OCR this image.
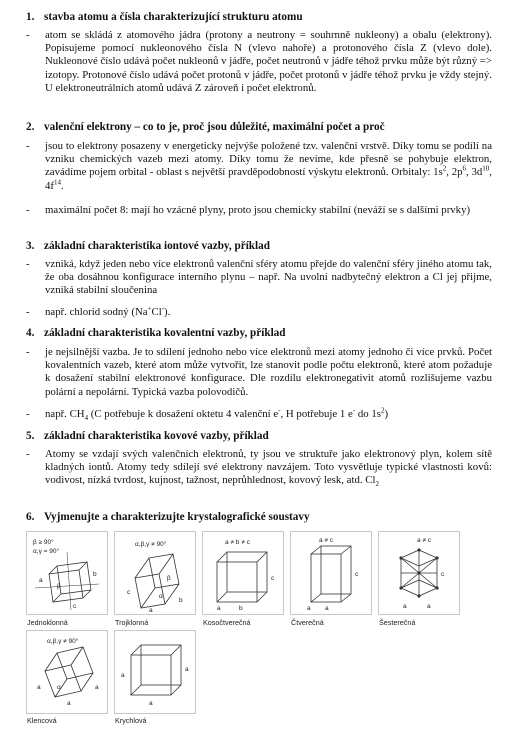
1. stavba atomu a čísla charakterizující strukturu atomu
- atom se skládá z atomového jádra (protony a neutrony = souhrnně nukleony) a obalu (elektrony). Popisujeme pomocí nukleonového čísla N (vlevo nahoře) a protonového čísla Z (vlevo dole). Nukleonové číslo udává počet nukleonů v jádře, počet neutronů v jádře téhož prvku může být různý => izotopy. Protonové číslo udává počet protonů v jádře, počet protonů v jádře téhož prvku je vždy stejný. U elektroneutrálních atomů udává Z zároveň i počet elektronů.
2. valenční elektrony – co to je, proč jsou důležité, maximální počet a proč
- jsou to elektrony posazeny v energeticky nejvýše položené tzv. valenční vrstvě. Díky tomu se podílí na vzniku chemických vazeb mezi atomy. Díky tomu že nevíme, kde přesně se pohybuje elektron, zavádíme pojem orbital - oblast s největší pravděpodobností výskytu elektronů. Orbitaly: $1s^2$, $2p^6$, $3d^{10}$, $4f^{14}$.
- maximální počet 8: mají ho vzácné plyny, proto jsou chemicky stabilní (neváží se s dalšími prvky)
3. základní charakteristika iontové vazby, příklad
- vzniká, když jeden nebo více elektronů valenční sféry atomu přejde do valenční sféry jiného atomu tak, že oba dosáhnou konfigurace interního plynu – např. Na uvolní nadbytečný elektron a Cl jej přijme, vzniká stabilní sloučenina
- např. chlorid sodný (Na+Cl-).
4. základní charakteristika kovalentní vazby, příklad
- je nejsilnější vazba. Je to sdílení jednoho nebo více elektronů mezi atomy jednoho či více prvků. Počet kovalentních vazeb, které atom může vytvořit, lze stanovit podle počtu elektronů, které atom požaduje k dosažení stabilní elektronové konfigurace. Dle rozdílu elektronegativit atomů rozlišujeme vazbu polární a nepolární. Typická vazba polovodičů.
- např. $CH_4$ (C potřebuje k dosažení oktetu 4 valenční e-, H potřebuje 1 e- do $1s^2$)
5. základní charakteristika kovové vazby, příklad
- Atomy se vzdají svých valenčních elektronů, ty jsou ve struktuře jako elektronový plyn, kolem sítě kladných iontů. Atomy tedy sdílejí své elektrony navzájem. Toto vysvětluje typické vlastnosti kovů: vodivost, nízká tvrdost, kujnost, tažnost, neprůhlednost, kovový lesk, atd. $Cl_2$
6. Vyjmenujte a charakterizujte krystalografické soustavy
β ≥ 90°
α,γ = 90°
a
b
c
β
Jednoklonná
α,β,γ ≠ 90°
c
a
b
α
β
Trojklonná
a ≠ b ≠ c
c
a	b
Kosočtverečná
a ≠ c
c
a a
Čtverečná
a ≠ c
c
a	a
Šesterečná
α,β,γ ≠ 90°
a
a
a
α
Klencová
a
a
a
Krychlová
